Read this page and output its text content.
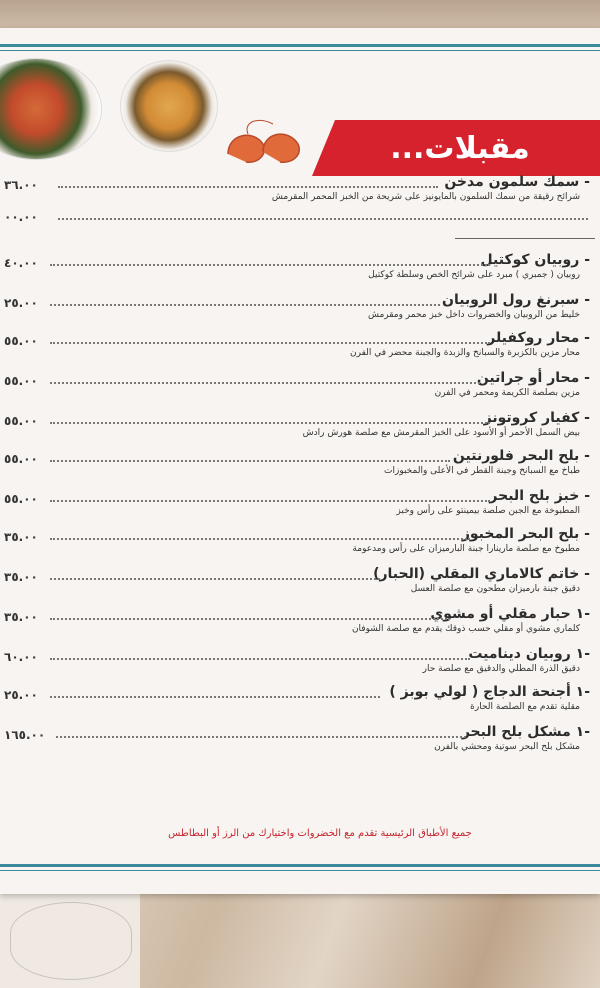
...مقبلات
- سمك سلمون مدخن
شرائح رقيقة من سمك السلمون بالمايونيز على شريحة من الخبز المحمر المقرمش
٣٦.٠٠
٠٠.٠٠
- روبيان كوكتيل
روبيان ( جمبري ) مبرد على شرائح الخص وسلطة كوكتيل
٤٠.٠٠
- سبرنغ رول الروبيان
خليط من الروبيان والخضروات داخل خبز محمر ومقرمش
٢٥.٠٠
- محار روكفيلر
محار مزين بالكزبرة والسبانخ والزبدة والجبنة محضر في الفرن
٥٥.٠٠
- محار أو جراتين
مزين بصلصة الكريمة ومحمر في الفرن
٥٥.٠٠
- كفيار كروتونز
بيض السمل الأحمر أو الأسود على الخبز المقرمش مع صلصة هورش رادش
٥٥.٠٠
- بلح البحر فلورنتين
طباخ مع السبانخ وجبنة القطر في الأعلى والمخبوزات
٥٥.٠٠
- خبز بلح البحر
المطبوخة مع الجبن صلصة بيمينتو على رأس وخبز
٥٥.٠٠
- بلح البحر المخبوز
مطبوخ مع صلصة مارينارا جبنة البارميزان على رأس ومدعومة
٣٥.٠٠
- خاتم كالاماري المقلي (الحبار)
دقيق جبنة بارميزان مطحون مع صلصة العسل
٣٥.٠٠
-١ حبار مقلي أو مشوي
كلماري مشوي أو مقلي حسب ذوقك يقدم مع صلصة الشوفان
٣٥.٠٠
-١ روبيان ديناميت
دقيق الذرة المطلي والدقيق مع صلصة حار
٦٠.٠٠
-١ أجنحة الدجاج ( لولي بوبز )
مقلية تقدم مع الصلصة الحارة
٢٥.٠٠
-١ مشكل بلح البحر
مشكل بلح البحر سوتية ومحشي بالفرن
١٦٥.٠٠
جميع الأطباق الرئيسية تقدم مع الخضروات واختيارك من الرز أو البطاطس
